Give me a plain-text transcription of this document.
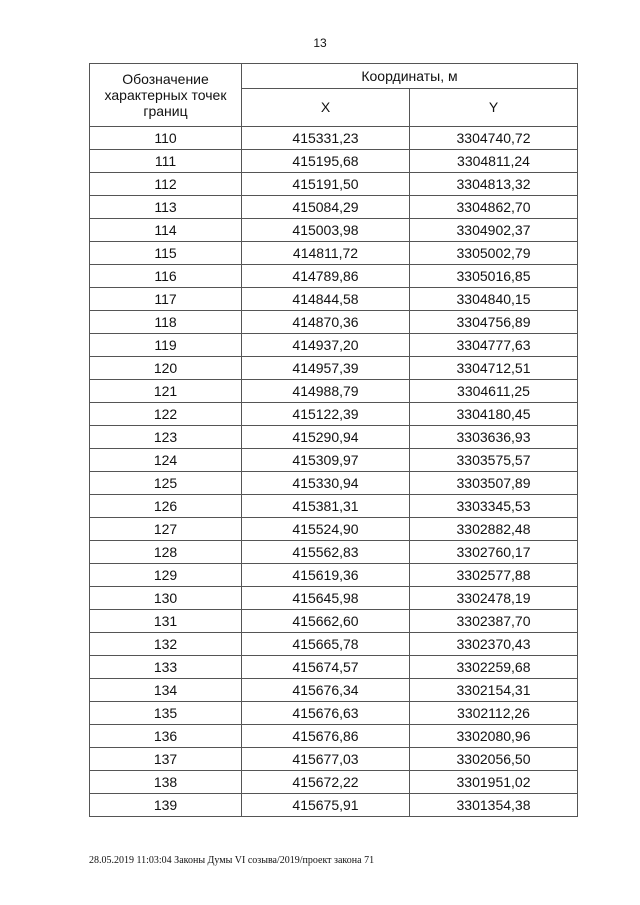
13
Обозначение характерных точек границ	Координаты, м	
	X	Y
110	415331,23	3304740,72
111	415195,68	3304811,24
112	415191,50	3304813,32
113	415084,29	3304862,70
114	415003,98	3304902,37
115	414811,72	3305002,79
116	414789,86	3305016,85
117	414844,58	3304840,15
118	414870,36	3304756,89
119	414937,20	3304777,63
120	414957,39	3304712,51
121	414988,79	3304611,25
122	415122,39	3304180,45
123	415290,94	3303636,93
124	415309,97	3303575,57
125	415330,94	3303507,89
126	415381,31	3303345,53
127	415524,90	3302882,48
128	415562,83	3302760,17
129	415619,36	3302577,88
130	415645,98	3302478,19
131	415662,60	3302387,70
132	415665,78	3302370,43
133	415674,57	3302259,68
134	415676,34	3302154,31
135	415676,63	3302112,26
136	415676,86	3302080,96
137	415677,03	3302056,50
138	415672,22	3301951,02
139	415675,91	3301354,38
28.05.2019 11:03:04 Законы Думы VI созыва/2019/проект закона 71
